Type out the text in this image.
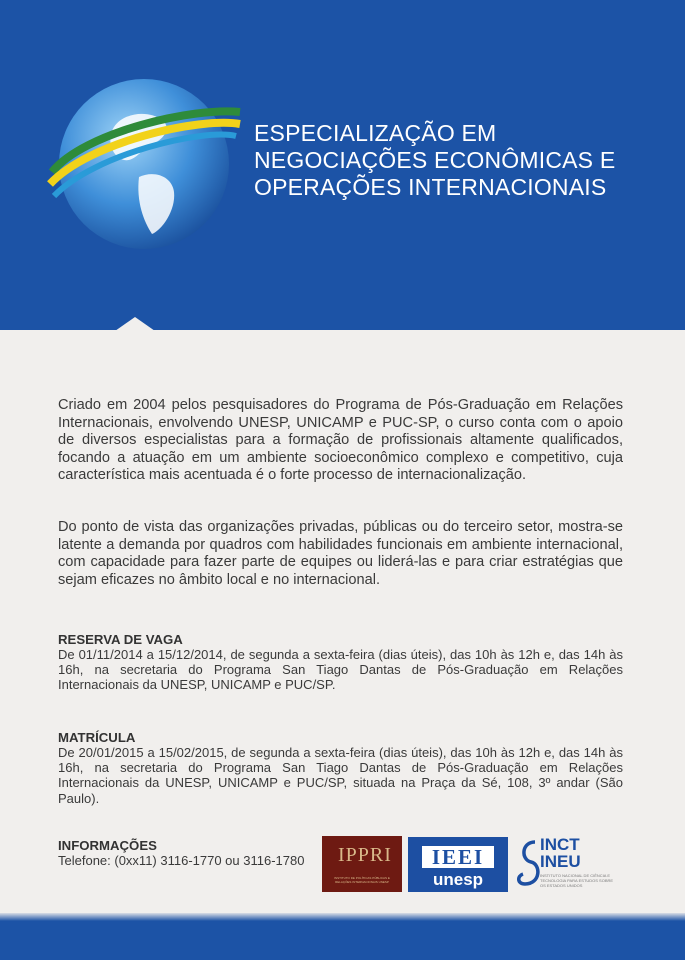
ESPECIALIZAÇÃO EM
NEGOCIAÇÕES ECONÔMICAS E
OPERAÇÕES INTERNACIONAIS
Criado em 2004 pelos pesquisadores do Programa de Pós-Graduação em Relações Internacionais, envolvendo UNESP, UNICAMP e PUC-SP, o curso conta com o apoio de diversos especialistas para a formação de profissionais altamente qualificados, focando a atuação em um ambiente socioeconômico complexo e competitivo, cuja característica mais acentuada é o forte processo de internacionalização.
Do ponto de vista das organizações privadas, públicas ou do terceiro setor, mostra-se latente a demanda por quadros com habilidades funcionais em ambiente internacional, com capacidade para fazer parte de equipes ou liderá-las e para criar estratégias que sejam eficazes no âmbito local e no internacional.
RESERVA DE VAGA
De 01/11/2014 a 15/12/2014, de segunda a sexta-feira (dias úteis), das 10h às 12h e, das 14h às 16h, na secretaria do Programa San Tiago Dantas de Pós-Graduação em Relações Internacionais da UNESP, UNICAMP e PUC/SP.
MATRÍCULA
De 20/01/2015 a 15/02/2015, de segunda a sexta-feira (dias úteis), das 10h às 12h e, das 14h às 16h, na secretaria do Programa San Tiago Dantas de Pós-Graduação em Relações Internacionais da UNESP, UNICAMP e PUC/SP, situada na Praça da Sé, 108, 3º andar (São Paulo).
INFORMAÇÕES
Telefone: (0xx11) 3116-1770 ou 3116-1780 IPPRI
INSTITUTO DE POLÍTICAS PÚBLICAS E RELAÇÕES INTERNACIONAIS UNESP
IEEI
unesp
INCT
INEU
INSTITUTO NACIONAL DE CIÊNCIA E TECNOLOGIA PARA ESTUDOS SOBRE OS ESTADOS UNIDOS
